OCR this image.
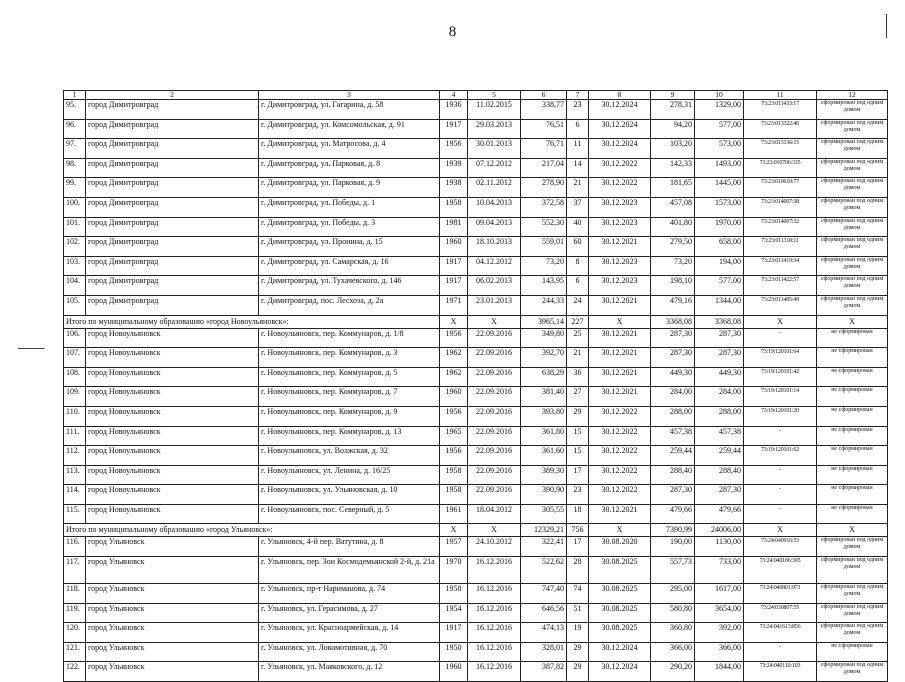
8
1	2	3	4	5	6	7	8	9	10	11	12
95.	город Димитровград	г. Димитровград, ул. Гагарина, д. 58	1936	11.02.2015	338,77	23	30.12.2024	278,31	1329,00	73:23:011433:17	сформирован под одним домом
96.	город Димитровград	г. Димитровград, ул. Комсомольская, д. 91	1917	29.03.2013	76,51	6	30.12.2024	94,20	577,00	73:23:013322:40	сформирован под одним домом
97.	город Димитровград	г. Димитровград, ул. Матросова, д. 4	1956	30.01.2013	76,71	11	30.12.2024	103,20	573,00	73:23:013136:15	сформирован под одним домом
98.	город Димитровград	г. Димитровград, ул. Парковая, д. 8	1939	07.12.2012	217,04	14	30.12.2022	142,33	1493,00	73:23:010706:335	сформирован под одним домом
99.	город Димитровград	г. Димитровград, ул. Парковая, д. 9	1938	02.11.2012	278,90	21	30.12.2022	181,65	1445,00	73:23:010610:77	сформирован под одним домом
100.	город Димитровград	г. Димитровград, ул. Победы, д. 1	1958	10.04.2013	372,58	37	30.12.2023	457,08	1573,00	73:23:014007:38	сформирован под одним домом
101.	город Димитровград	г. Димитровград, ул. Победы, д. 3	1981	09.04.2013	552,30	40	30.12.2023	401,80	1970,00	73:23:014007:32	сформирован под одним домом
102.	город Димитровград	г. Димитровград, ул. Пронина, д. 15	1960	18.10.2013	559,01	60	30.12.2021	279,50	658,00	73:23:011310:11	сформирован под одним домом
103.	город Димитровград	г. Димитровград, ул. Самарская, д. 16	1917	04.12.2012	73,20	8	30.12.2023	73,20	194,00	73:23:011419:34	сформирован под одним домом
104.	город Димитровград	г. Димитровград, ул. Тухачевского, д. 146	1917	06.02.2013	143,95	6	30.12.2023	198,10	577,00	73:23:011422:57	сформирован под одним домом
105.	город Димитровград	г. Димитровград, пос. Лесхоза, д. 2а	1971	23.01.2013	244,33	24	30.12.2021	479,16	1344,00	73:23:011405:49	сформирован под одним домом
Итого по муниципальному образованию «город Новоульяновск»:			X	X	3965,14	227	X	3368,08	3368,08	X	X
106.	город Новоульяновск	г. Новоульяновск, пер. Коммунаров, д. 1/8	1956	22.09.2016	349,80	25	30.12.2021	287,30	287,30	-	не сформирован
107.	город Новоульяновск	г. Новоульяновск, пер. Коммунаров, д. 3	1962	22.09.2016	392,70	21	30.12.2021	287,30	287,30	73:19:120101:64	не сформирован
108.	город Новоульяновск	г. Новоульяновск, пер. Коммунаров, д. 5	1962	22.09.2016	638,29	36	30.12.2021	449,30	449,30	73:19:120101:42	не сформирован
109.	город Новоульяновск	г. Новоульяновск, пер. Коммунаров, д. 7	1960	22.09.2016	381,40	27	30.12.2021	284,00	284,00	73:19:120101:14	не сформирован
110.	город Новоульяновск	г. Новоульяновск, пер. Коммунаров, д. 9	1956	22.09.2016	393,80	29	30.12.2022	288,00	288,00	73:19:120101:20	не сформирован
111.	город Новоульяновск	г. Новоульяновск, пер. Коммунаров, д. 13	1965	22.09.2016	361,80	15	30.12.2022	457,38	457,38	-	не сформирован
112.	город Новоульяновск	г. Новоульяновск, ул. Волжская, д. 32	1956	22.09.2016	361,60	15	30.12.2022	259,44	259,44	73:19:120101:62	не сформирован
113.	город Новоульяновск	г. Новоульяновск, ул. Ленина, д. 16/25	1958	22.09.2016	389,30	17	30.12.2022	288,40	288,40	-	не сформирован
114.	город Новоульяновск	г. Новоульяновск, ул. Ульяновская, д. 10	1958	22.09.2016	390,90	23	30.12.2022	287,30	287,30	-	не сформирован
115.	город Новоульяновск	г. Новоульяновск, пос. Северный, д. 5	1961	18.04.2012	305,55	18	30.12.2021	479,66	479,66	-	не сформирован
Итого по муниципальному образованию «город Ульяновск»:			X	X	12329,21	756	X	7390,99	24006,00	X	X
116.	город Ульяновск	г. Ульяновск, 4-й пер. Ватутина, д. 8	1957	24.10.2012	322,41	17	30.08.2020	190,00	1130,00	73:24:040916:53	сформирован под одним домом
117.	город Ульяновск	г. Ульяновск, пер. Зои Космодемьянской 2-й, д. 21а	1970	16.12.2016	522,62	28	30.08.2025	557,73	733,00	73:24:040106:305	сформирован под одним домом
118.	город Ульяновск	г. Ульяновск, пр-т Нариманова, д. 74	1958	16.12.2016	747,40	74	30.08.2025	295,00	1617,00	73:24:040801:971	сформирован под одним домом
119.	город Ульяновск	г. Ульяновск, ул. Герасимова, д. 27	1954	16.12.2016	646,56	51	30.08.2025	580,80	3654,00	73:24:030807:55	сформирован под одним домом
120.	город Ульяновск	г. Ульяновск, ул. Красноармейская, д. 14	1917	16.12.2016	474,13	19	30.08.2025	360,80	392,00	73:24:041613:856	сформирован под одним домом
121.	город Ульяновск	г. Ульяновск, ул. Локомотивная, д. 70	1950	16.12.2016	328,01	29	30.12.2024	366,00	366,00	-	не сформирован
122.	город Ульяновск	г. Ульяновск, ул. Маяковского, д. 12	1960	16.12.2016	387,82	29	30.12.2024	290,20	1844,00	73:24:040110:103	сформирован под одним домом
